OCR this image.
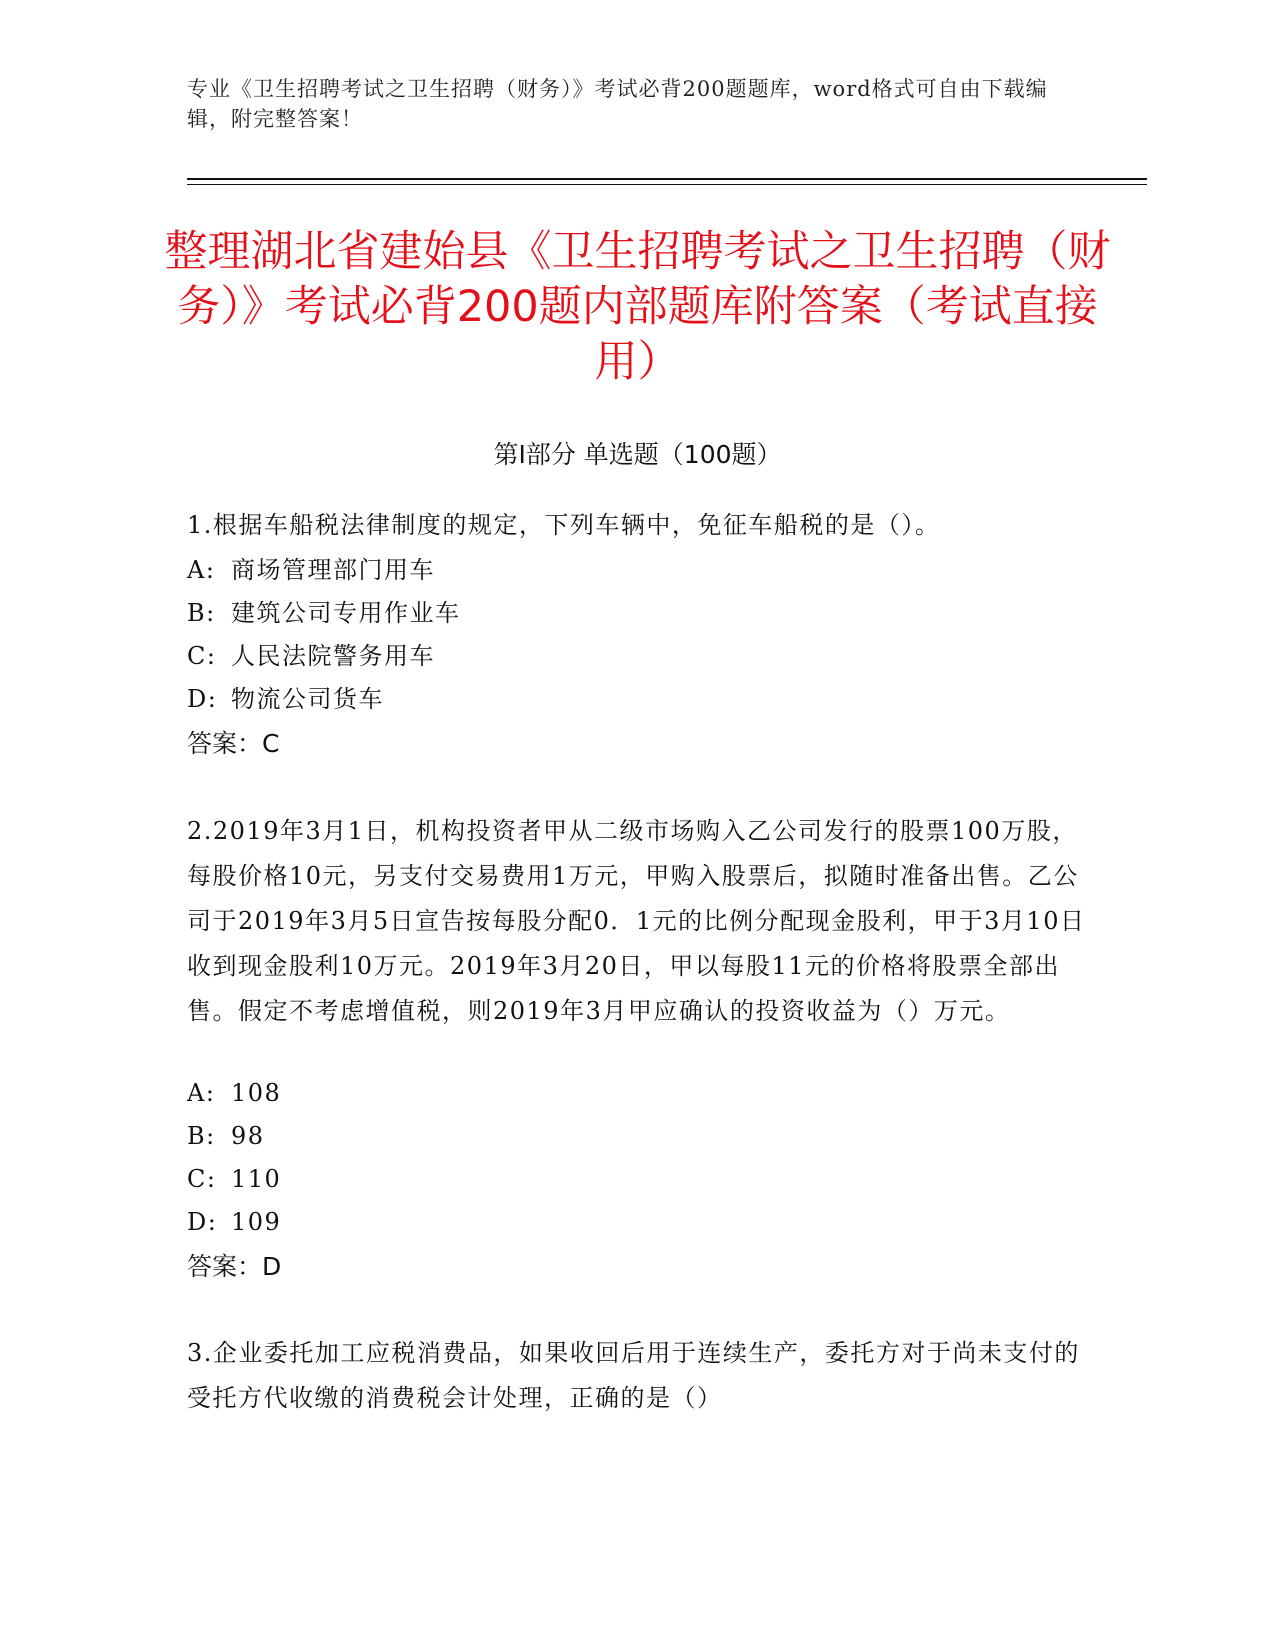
专业《卫生招聘考试之卫生招聘（财务）》考试必背200题题库，word格式可自由下载编辑，附完整答案！
整理湖北省建始县《卫生招聘考试之卫生招聘（财务）》考试必背200题内部题库附答案（考试直接用）
第Ⅰ部分 单选题（100题）
1.根据车船税法律制度的规定，下列车辆中，免征车船税的是（）。
A: 商场管理部门用车
B: 建筑公司专用作业车
C: 人民法院警务用车
D: 物流公司货车
答案：C
2.2019年3月1日，机构投资者甲从二级市场购入乙公司发行的股票100万股，每股价格10元，另支付交易费用1万元，甲购入股票后，拟随时准备出售。乙公司于2019年3月5日宣告按每股分配0．1元的比例分配现金股利，甲于3月10日收到现金股利10万元。2019年3月20日，甲以每股11元的价格将股票全部出售。假定不考虑增值税，则2019年3月甲应确认的投资收益为（）万元。
A: 108
B: 98
C: 110
D: 109
答案：D
3.企业委托加工应税消费品，如果收回后用于连续生产，委托方对于尚未支付的受托方代收缴的消费税会计处理，正确的是（）
